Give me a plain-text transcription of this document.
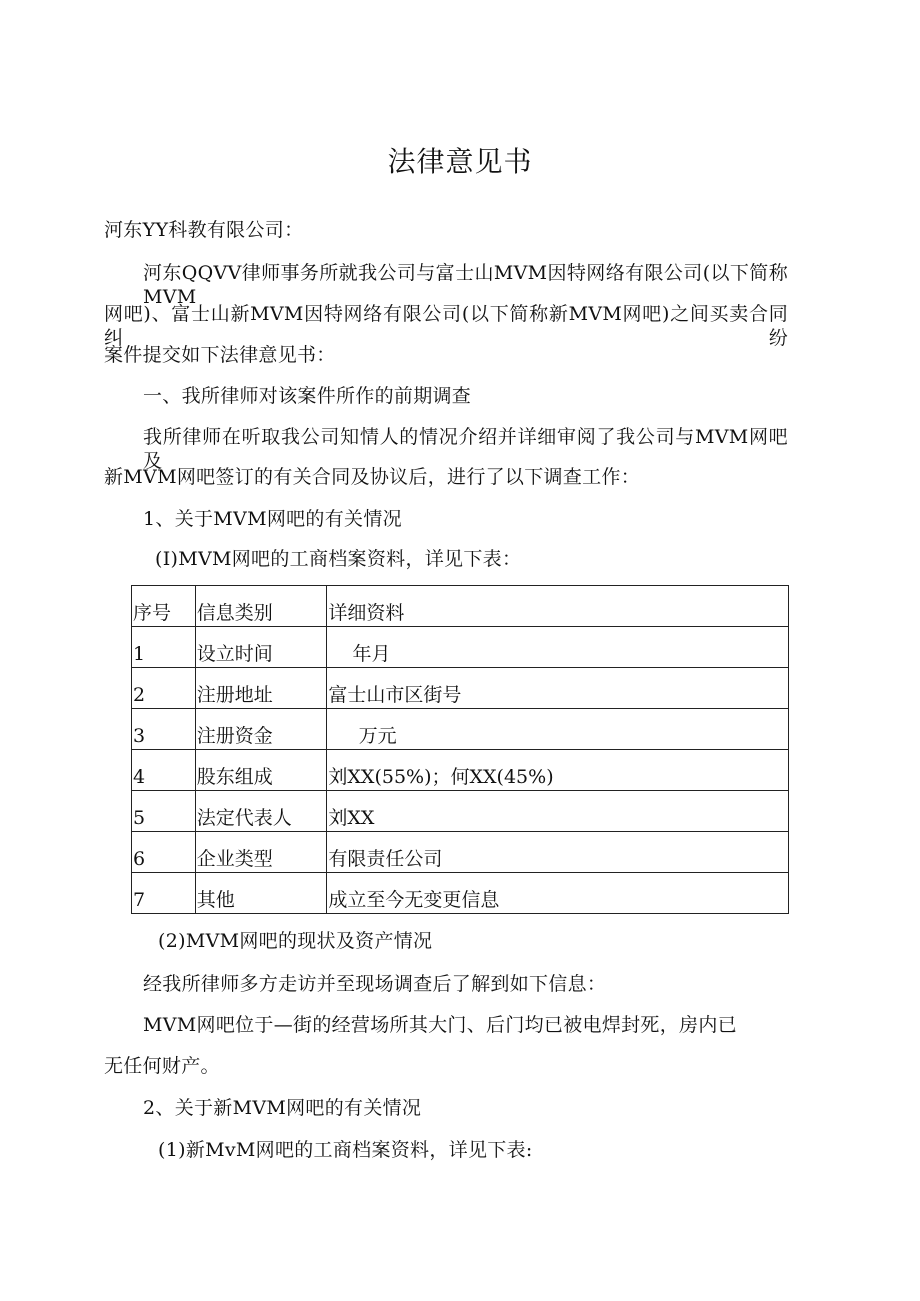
法律意见书
河东YY科教有限公司：
河东QQVV律师事务所就我公司与富士山MVM因特网络有限公司(以下简称MVM
网吧)、富士山新MVM因特网络有限公司(以下简称新MVM网吧)之间买卖合同纠纷
案件提交如下法律意见书：
一、我所律师对该案件所作的前期调查
我所律师在听取我公司知情人的情况介绍并详细审阅了我公司与MVM网吧及
新MVM网吧签订的有关合同及协议后，进行了以下调查工作：
1、关于MVM网吧的有关情况
(I)MVM网吧的工商档案资料，详见下表：
序号	信息类别	详细资料
1	设立时间	年月
2	注册地址	富士山市区街号
3	注册资金	万元
4	股东组成	刘XX(55%)；何XX(45%)
5	法定代表人	刘XX
6	企业类型	有限责任公司
7	其他	成立至今无变更信息
(2)MVM网吧的现状及资产情况
经我所律师多方走访并至现场调查后了解到如下信息：
MVM网吧位于—街的经营场所其大门、后门均已被电焊封死，房内已
无任何财产。
2、关于新MVM网吧的有关情况
(1)新MvM网吧的工商档案资料，详见下表:
